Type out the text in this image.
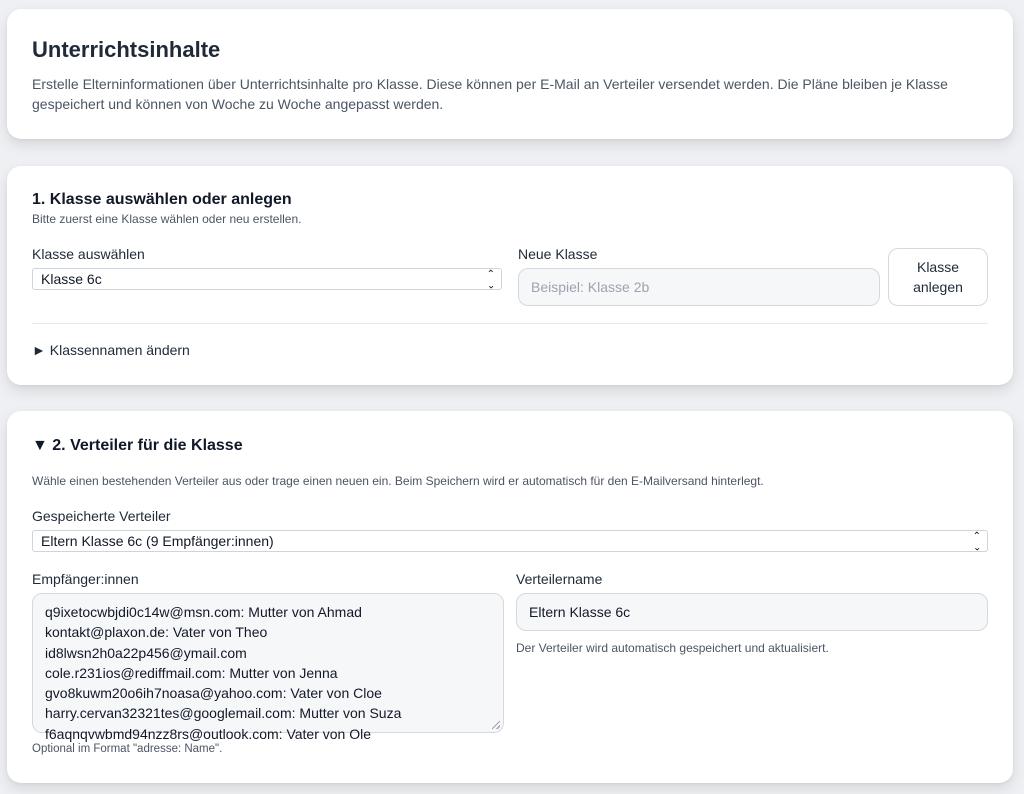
Unterrichtsinhalte
Erstelle Elterninformationen über Unterrichtsinhalte pro Klasse. Diese können per E-Mail an Verteiler versendet werden. Die Pläne bleiben je Klasse gespeichert und können von Woche zu Woche angepasst werden.
1. Klasse auswählen oder anlegen
Bitte zuerst eine Klasse wählen oder neu erstellen.
Klasse auswählen
Klasse 6c	⌃
⌃
Neue Klasse
Beispiel: Klasse 2b
Klasse
anlegen
► Klassennamen ändern
▼ 2. Verteiler für die Klasse
Wähle einen bestehenden Verteiler aus oder trage einen neuen ein. Beim Speichern wird er automatisch für den E-Mailversand hinterlegt.
Gespeicherte Verteiler
Eltern Klasse 6c (9 Empfänger:innen)	⌃
⌃
Empfänger:innen
q9ixetocwbjdi0c14w@msn.com: Mutter von Ahmad
kontakt@plaxon.de: Vater von Theo
id8lwsn2h0a22p456@ymail.com
cole.r231ios@rediffmail.com: Mutter von Jenna
gvo8kuwm20o6ih7noasa@yahoo.com: Vater von Cloe
harry.cervan32321tes@googlemail.com: Mutter von Suza
f6aqnqvwbmd94nzz8rs@outlook.com: Vater von Ole
Optional im Format "adresse: Name".
Verteilername
Eltern Klasse 6c
Der Verteiler wird automatisch gespeichert und aktualisiert.
